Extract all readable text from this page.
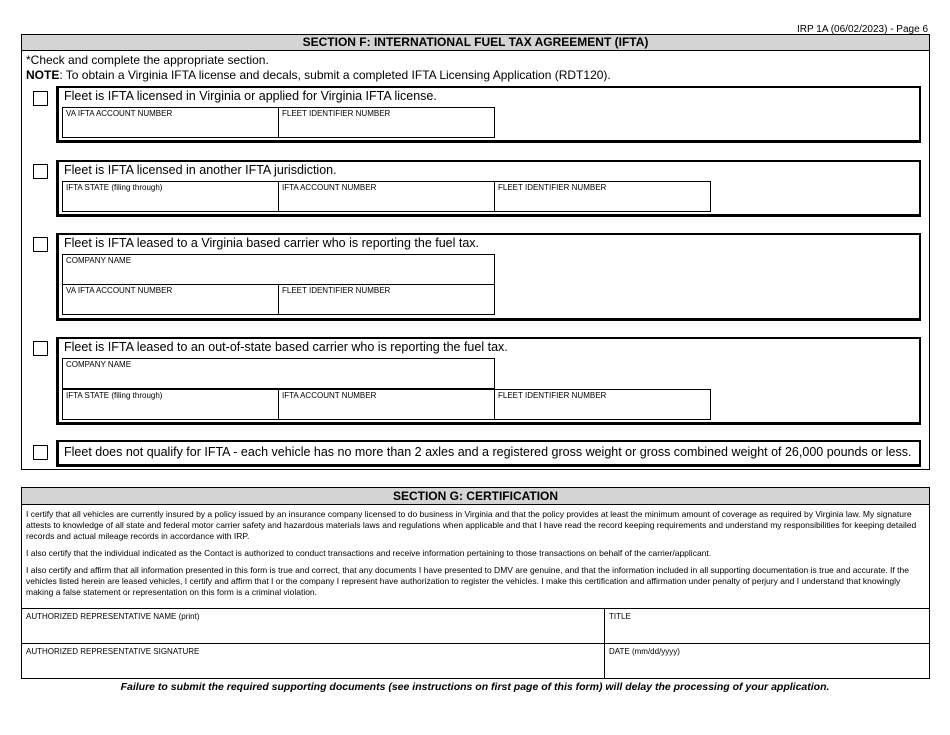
IRP 1A (06/02/2023) - Page 6
SECTION F: INTERNATIONAL FUEL TAX AGREEMENT (IFTA)
*Check and complete the appropriate section.
NOTE: To obtain a Virginia IFTA license and decals, submit a completed IFTA Licensing Application (RDT120).
Fleet is IFTA licensed in Virginia or applied for Virginia IFTA license.
VA IFTA ACCOUNT NUMBER	FLEET IDENTIFIER NUMBER
Fleet is IFTA licensed in another IFTA jurisdiction.
IFTA STATE (filing through)	IFTA ACCOUNT NUMBER	FLEET IDENTIFIER NUMBER
Fleet is IFTA leased to a Virginia based carrier who is reporting the fuel tax.
COMPANY NAME
VA IFTA ACCOUNT NUMBER	FLEET IDENTIFIER NUMBER
Fleet is IFTA leased to an out-of-state based carrier who is reporting the fuel tax.
COMPANY NAME
IFTA STATE (filing through)	IFTA ACCOUNT NUMBER	FLEET IDENTIFIER NUMBER
Fleet does not qualify for IFTA - each vehicle has no more than 2 axles and a registered gross weight or gross combined weight of 26,000 pounds or less.
SECTION G: CERTIFICATION

I certify that all vehicles are currently insured by a policy issued by an insurance company licensed to do business in Virginia and that the policy provides at least the minimum amount of coverage as required by Virginia law. My signature attests to knowledge of all state and federal motor carrier safety and hazardous materials laws and regulations when applicable and that I have read the record keeping requirements and understand my responsibilities for keeping detailed records and actual mileage records in accordance with IRP.

I also certify that the individual indicated as the Contact is authorized to conduct transactions and receive information pertaining to those transactions on behalf of the carrier/applicant.

I also certify and affirm that all information presented in this form is true and correct, that any documents I have presented to DMV are genuine, and that the information included in all supporting documentation is true and accurate. If the vehicles listed herein are leased vehicles, I certify and affirm that I or the company I represent have authorization to register the vehicles. I make this certification and affirmation under penalty of perjury and I understand that knowingly making a false statement or representation on this form is a criminal violation.

AUTHORIZED REPRESENTATIVE NAME (print)	TITLE
AUTHORIZED REPRESENTATIVE SIGNATURE	DATE (mm/dd/yyyy)
Failure to submit the required supporting documents (see instructions on first page of this form) will delay the processing of your application.
